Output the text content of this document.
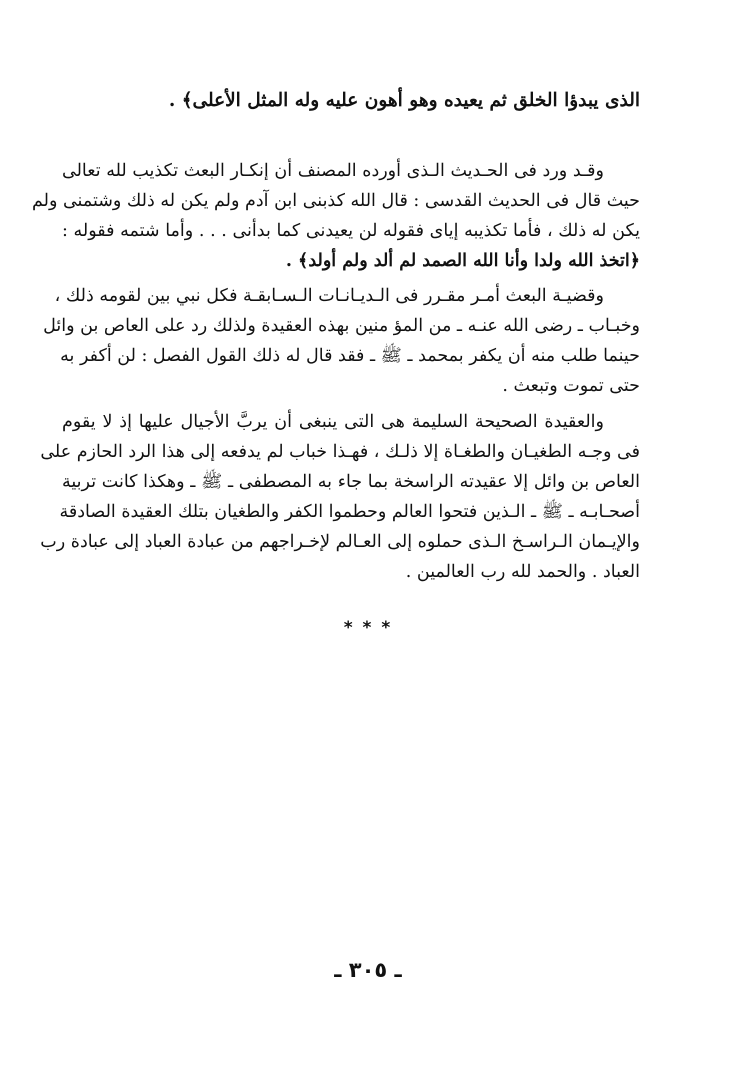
الذى يبدؤا الخلق ثم يعيده وهو أهون عليه وله المثل الأعلى﴾ .
وقـد ورد فى الحـديث الـذى أورده المصنف أن إنكـار البعث تكذيب لله تعالى
حيث قال فى الحديث القدسى : قال الله كذبنى ابن آدم ولم يكن له ذلك وشتمنى ولم
يكن له ذلك ، فأما تكذيبه إياى فقوله لن يعيدنى كما بدأنى . . . وأما شتمه فقوله :
﴿اتخذ الله ولدا وأنا الله الصمد لم ألد ولم أولد﴾ .
وقضيـة البعث أمـر مقـرر فى الـديـانـات الـسـابقـة فكل نبي بين لقومه ذلك ،
وخبـاب ـ رضى الله عنـه ـ من المؤ منين بهذه العقيدة ولذلك رد على العاص بن وائل
حينما طلب منه أن يكفر بمحمد ـ ﷺ ـ فقد قال له ذلك القول الفصل : لن أكفر به
حتى تموت وتبعث .
والعقيدة الصحيحة السليمة هى التى ينبغى أن يربَّ الأجيال عليها إذ لا يقوم
فى وجـه الطغيـان والطغـاة إلا ذلـك ، فهـذا خباب لم يدفعه إلى هذا الرد الحازم على
العاص بن وائل إلا عقيدته الراسخة بما جاء به المصطفى ـ ﷺ ـ وهكذا كانت تربية
أصحـابـه ـ ﷺ ـ الـذين فتحوا العالم وحطموا الكفر والطغيان بتلك العقيدة الصادقة
والإيـمان الـراسـخ الـذى حملوه إلى العـالم لإخـراجهم من عبادة العباد إلى عبادة رب
العباد . والحمد لله رب العالمين .
* * *
ـ ٣٠٥ ـ
